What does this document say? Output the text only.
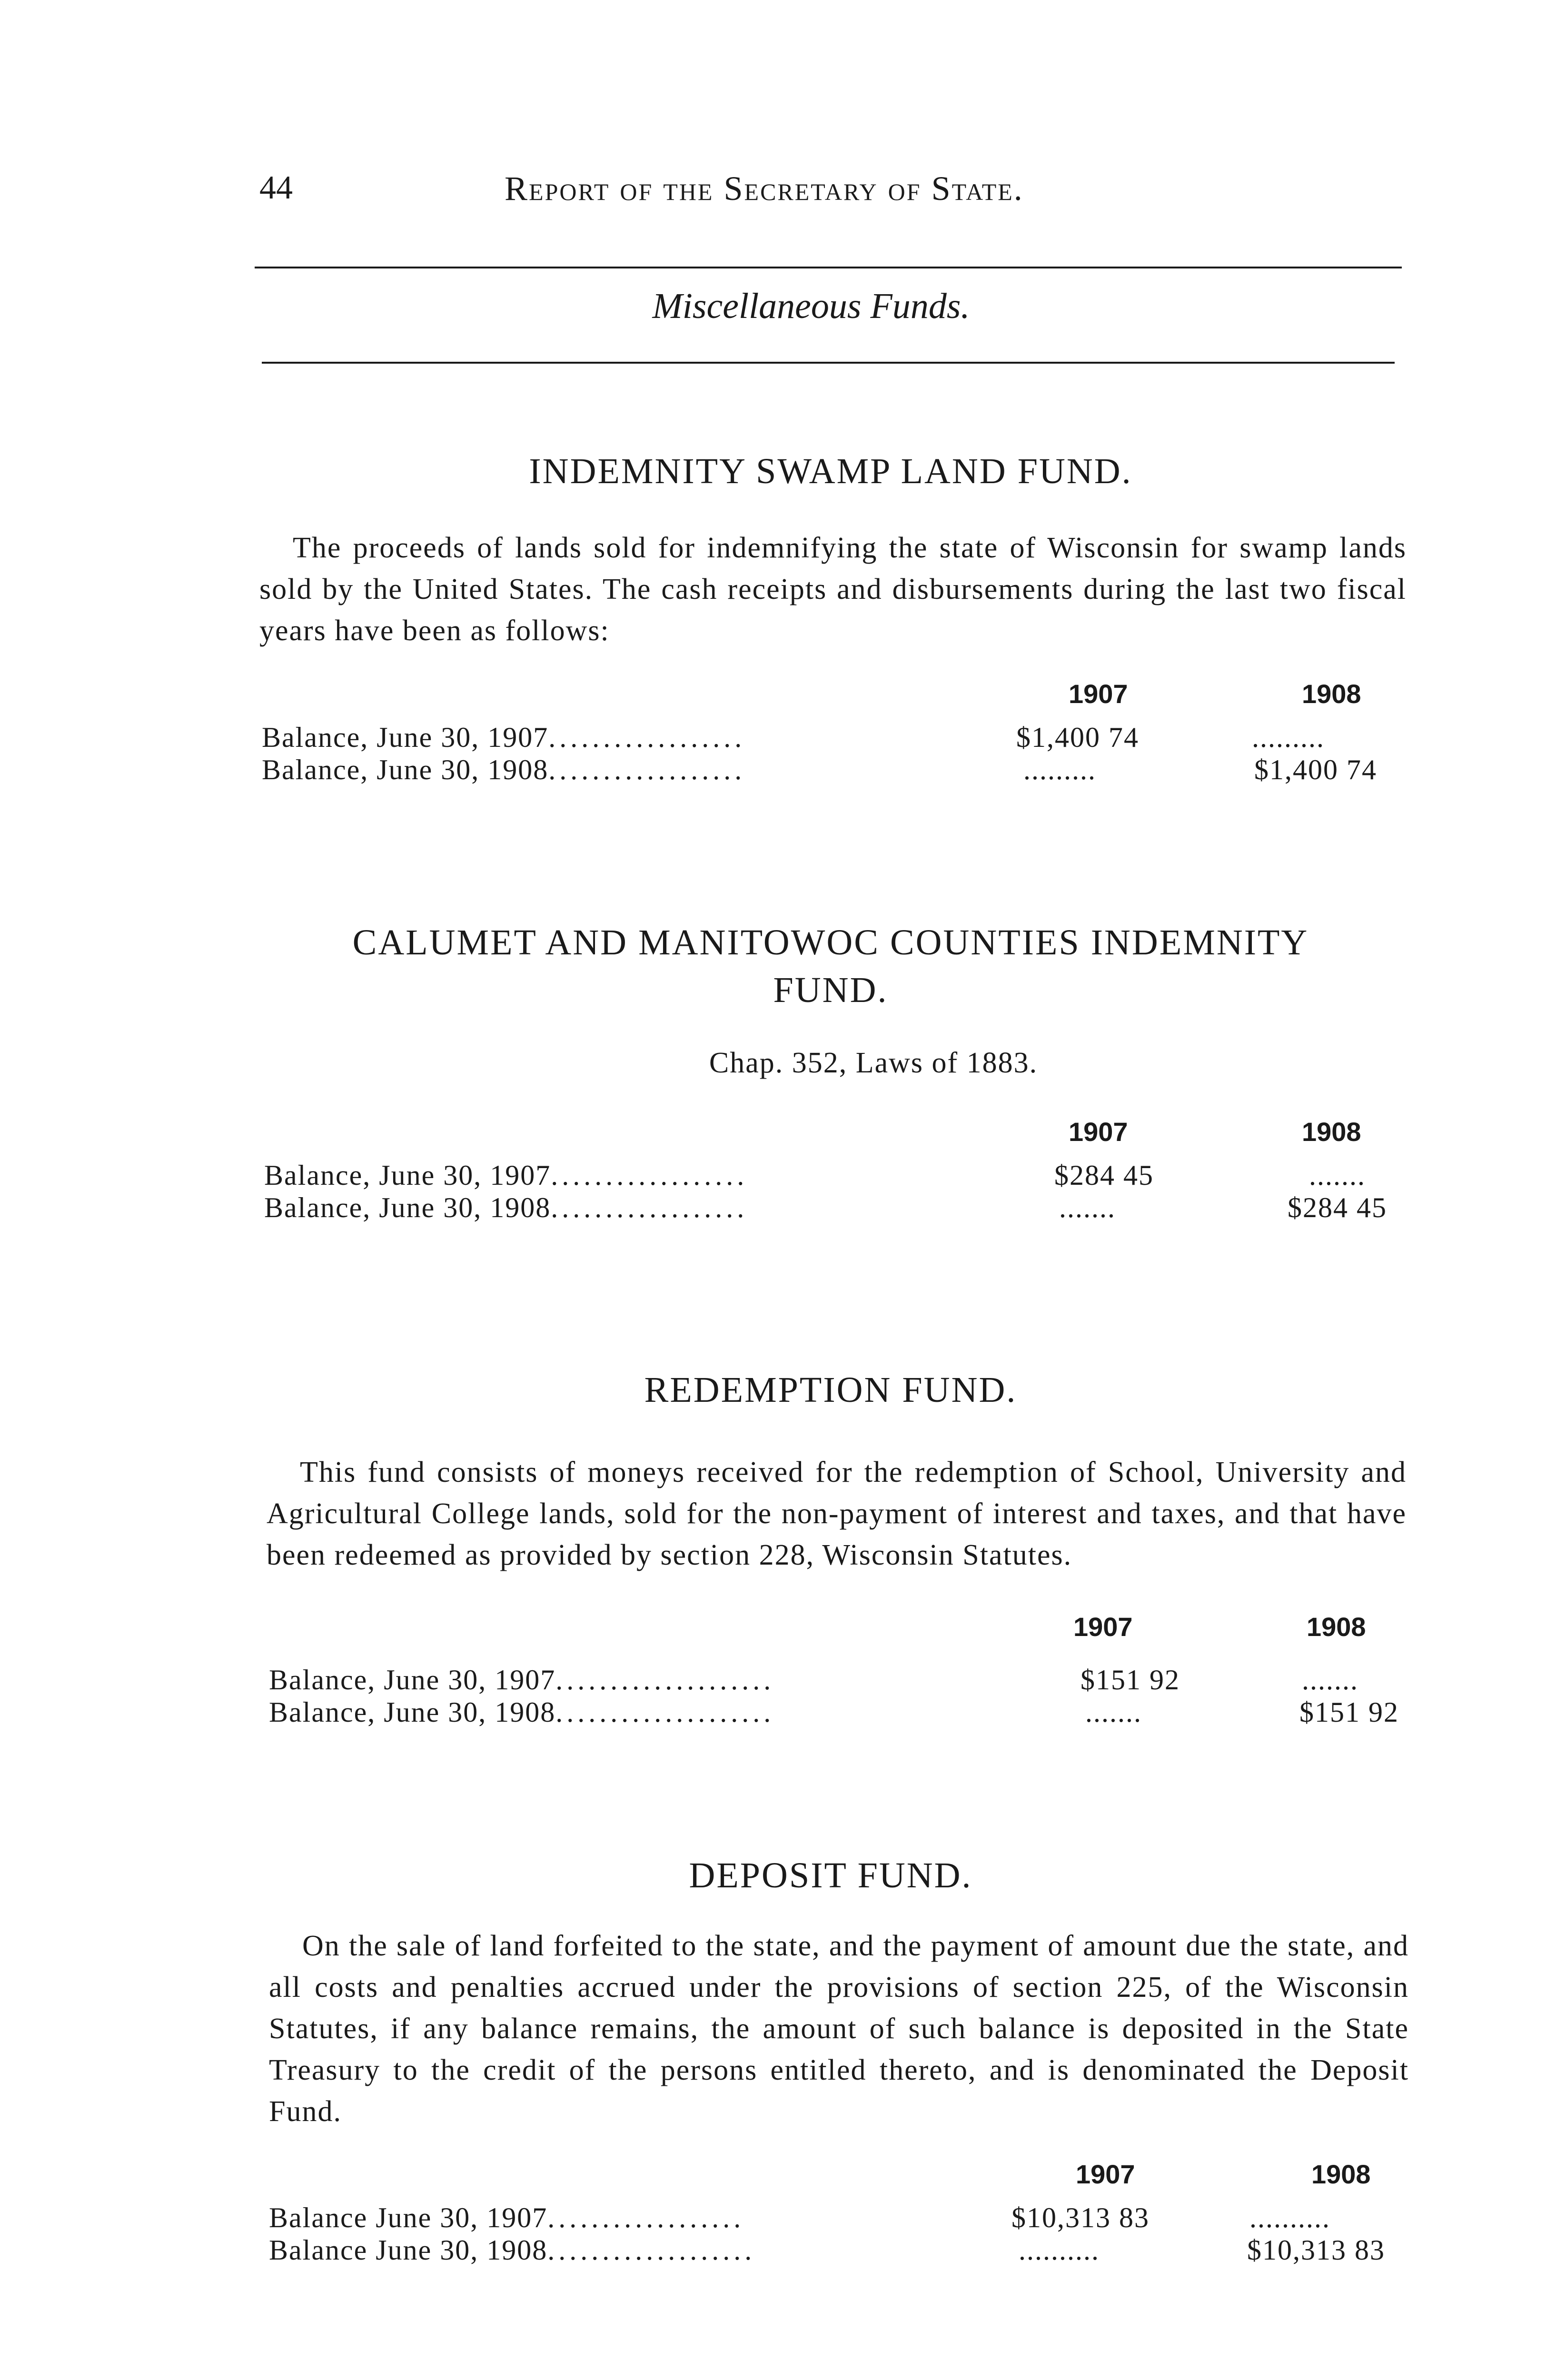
44	Report of the Secretary of State.
Miscellaneous Funds.
INDEMNITY SWAMP LAND FUND.
The proceeds of lands sold for indemnifying the state of Wisconsin for swamp lands sold by the United States. The cash receipts and disbursements during the last two fiscal years have been as follows:
1907	1908
Balance, June 30, 1907..................	$1,400 74	.........
Balance, June 30, 1908..................	.........	$1,400 74
CALUMET AND MANITOWOC COUNTIES INDEMNITY
FUND.
Chap. 352, Laws of 1883.
1907	1908
Balance, June 30, 1907..................	$284 45	.......
Balance, June 30, 1908..................	.......	$284 45
REDEMPTION FUND.
This fund consists of moneys received for the redemption of School, University and Agricultural College lands, sold for the non-payment of interest and taxes, and that have been redeemed as provided by section 228, Wisconsin Statutes.
1907	1908
Balance, June 30, 1907....................	$151 92	.......
Balance, June 30, 1908....................	.......	$151 92
DEPOSIT FUND.
On the sale of land forfeited to the state, and the payment of amount due the state, and all costs and penalties accrued under the provisions of section 225, of the Wisconsin Statutes, if any balance remains, the amount of such balance is deposited in the State Treasury to the credit of the persons entitled thereto, and is denominated the Deposit Fund.
1907	1908
Balance June 30, 1907..................	$10,313 83	..........
Balance June 30, 1908...................	..........	$10,313 83
